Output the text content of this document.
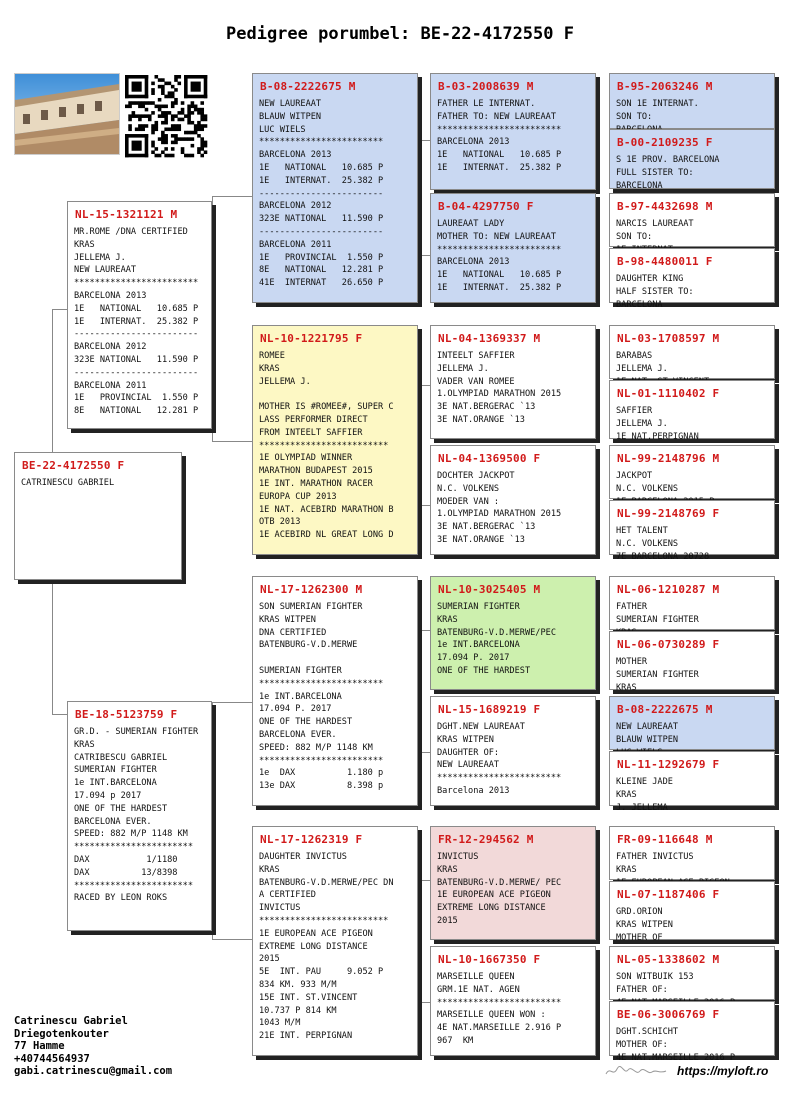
Pedigree porumbel: BE-22-4172550 F
BE-22-4172550 F
CATRINESCU GABRIEL
NL-15-1321121 M
MR.ROME /DNA CERTIFIED
KRAS
JELLEMA J.
NEW LAUREAAT
************************
BARCELONA 2013
1E   NATIONAL   10.685 P
1E   INTERNAT.  25.382 P
------------------------
BARCELONA 2012
323E NATIONAL   11.590 P
------------------------
BARCELONA 2011
1E   PROVINCIAL  1.550 P
8E   NATIONAL   12.281 P
BE-18-5123759 F
GR.D. - SUMERIAN FIGHTER
KRAS
CATRIBESCU GABRIEL
SUMERIAN FIGHTER
1e INT.BARCELONA
17.094 p 2017
ONE OF THE HARDEST
BARCELONA EVER.
SPEED: 882 M/P 1148 KM
***********************
DAX           1/1180
DAX          13/8398
***********************
RACED BY LEON ROKS
B-08-2222675 M
NEW LAUREAAT
BLAUW WITPEN
LUC WIELS
************************
BARCELONA 2013
1E   NATIONAL   10.685 P
1E   INTERNAT.  25.382 P
------------------------
BARCELONA 2012
323E NATIONAL   11.590 P
------------------------
BARCELONA 2011
1E   PROVINCIAL  1.550 P
8E   NATIONAL   12.281 P
41E  INTERNAT   26.650 P
NL-10-1221795 F
ROMEE
KRAS
JELLEMA J.

MOTHER IS #ROMEE#, SUPER C
LASS PERFORMER DIRECT
FROM INTEELT SAFFIER
*************************
1E OLYMPIAD WINNER
MARATHON BUDAPEST 2015
1E INT. MARATHON RACER
EUROPA CUP 2013
1E NAT. ACEBIRD MARATHON B
OTB 2013
1E ACEBIRD NL GREAT LONG D
NL-17-1262300 M
SON SUMERIAN FIGHTER
KRAS WITPEN
DNA CERTIFIED
BATENBURG-V.D.MERWE

SUMERIAN FIGHTER
************************
1e INT.BARCELONA
17.094 P. 2017
ONE OF THE HARDEST
BARCELONA EVER.
SPEED: 882 M/P 1148 KM
************************
1e  DAX          1.180 p
13e DAX          8.398 p
NL-17-1262319 F
DAUGHTER INVICTUS
KRAS
BATENBURG-V.D.MERWE/PEC DN
A CERTIFIED
INVICTUS
*************************
1E EUROPEAN ACE PIGEON
EXTREME LONG DISTANCE
2015
5E  INT. PAU     9.052 P
834 KM. 933 M/M
15E INT. ST.VINCENT
10.737 P 814 KM
1043 M/M
21E INT. PERPIGNAN
B-03-2008639 M
FATHER LE INTERNAT.
FATHER TO: NEW LAUREAAT
************************
BARCELONA 2013
1E   NATIONAL   10.685 P
1E   INTERNAT.  25.382 P
B-04-4297750 F
LAUREAAT LADY
MOTHER TO: NEW LAUREAAT
************************
BARCELONA 2013
1E   NATIONAL   10.685 P
1E   INTERNAT.  25.382 P
NL-04-1369337 M
INTEELT SAFFIER
JELLEMA J.
VADER VAN ROMEE
1.OLYMPIAD MARATHON 2015
3E NAT.BERGERAC `13
3E NAT.ORANGE `13
NL-04-1369500 F
DOCHTER JACKPOT
N.C. VOLKENS
MOEDER VAN :
1.OLYMPIAD MARATHON 2015
3E NAT.BERGERAC `13
3E NAT.ORANGE `13
NL-10-3025405 M
SUMERIAN FIGHTER
KRAS
BATENBURG-V.D.MERWE/PEC
1e INT.BARCELONA
17.094 P. 2017
ONE OF THE HARDEST
NL-15-1689219 F
DGHT.NEW LAUREAAT
KRAS WITPEN
DAUGHTER OF:
NEW LAUREAAT
************************
Barcelona 2013
FR-12-294562 M
INVICTUS
KRAS
BATENBURG-V.D.MERWE/ PEC
1E EUROPEAN ACE PIGEON
EXTREME LONG DISTANCE
2015
NL-10-1667350 F
MARSEILLE QUEEN
GRM.1E NAT. AGEN
************************
MARSEILLE QUEEN WON :
4E NAT.MARSEILLE 2.916 P
967  KM
B-95-2063246 M
SON 1E INTERNAT.
SON TO:

B-00-2109235 F
S 1E PROV. BARCELONA
FULL SISTER TO:
BARCELONA
B-97-4432698 M
NARCIS LAUREAAT
SON TO:

B-98-4480011 F
DAUGHTER KING
HALF SISTER TO:
BARCELONA
NL-03-1708597 M
BARABAS
JELLEMA J.

NL-01-1110402 F
SAFFIER
JELLEMA J.
1E NAT.PERPIGNAN
NL-99-2148796 M
JACKPOT
N.C. VOLKENS

NL-99-2148769 F
HET TALENT
N.C. VOLKENS
7E BARCELONA 20728
NL-06-1210287 M
FATHER
SUMERIAN FIGHTER

NL-06-0730289 F
MOTHER
SUMERIAN FIGHTER
KRAS
B-08-2222675 M
NEW LAUREAAT
BLAUW WITPEN

NL-11-1292679 F
KLEINE JADE
KRAS
J. JELLEMA
FR-09-116648 M
FATHER INVICTUS
KRAS

NL-07-1187406 F
GRD.ORION
KRAS WITPEN
MOTHER OF
NL-05-1338602 M
SON WITBUIK 153
FATHER OF:

BE-06-3006769 F
DGHT.SCHICHT
MOTHER OF:
4E NAT.MARSEILLE 2016 P
Catrinescu Gabriel
Driegotenkouter
77 Hamme
+40744564937
gabi.catrinescu@gmail.com	https://myloft.ro
